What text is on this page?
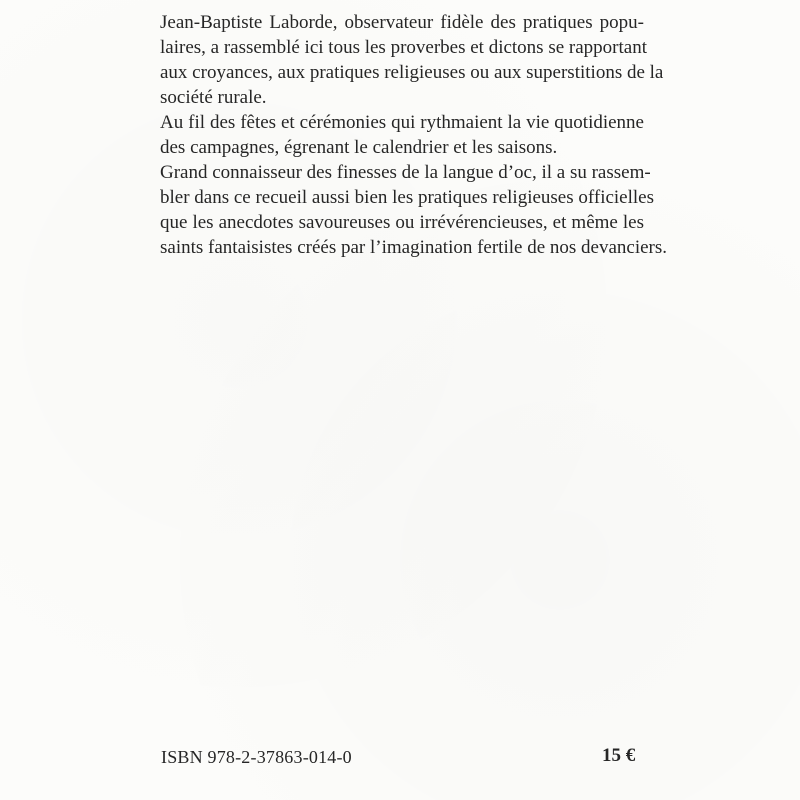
Jean-Baptiste Laborde, observateur fidèle des pratiques popu-
laires, a rassemblé ici tous les proverbes et dictons se rapportant
aux croyances, aux pratiques religieuses ou aux superstitions de la
société rurale.

Au fil des fêtes et cérémonies qui rythmaient la vie quotidienne
des campagnes, égrenant le calendrier et les saisons.

Grand connaisseur des finesses de la langue d’oc, il a su rassem-
bler dans ce recueil aussi bien les pratiques religieuses officielles
que les anecdotes savoureuses ou irrévérencieuses, et même les
saints fantaisistes créés par l’imagination fertile de nos devanciers.

ISBN 978-2-37863-014-0	15 €
